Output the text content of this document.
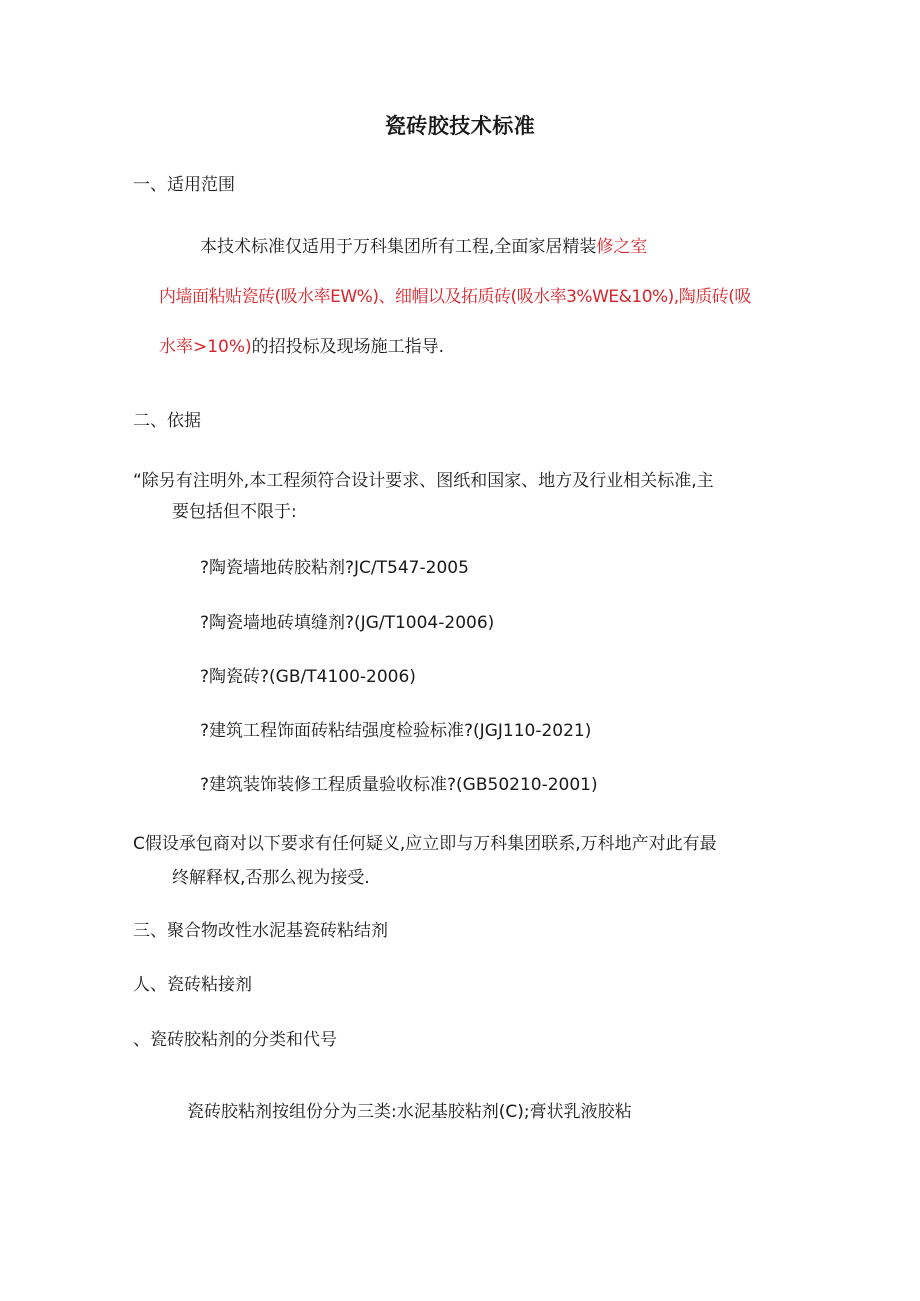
瓷砖胶技术标准
一、适用范围
本技术标准仅适用于万科集团所有工程,全面家居精装修之室
内墙面粘贴瓷砖(吸水率EW%)、细帽以及拓质砖(吸水率3%WE&10%),陶质砖(吸
水率>10%)的招投标及现场施工指导.
二、依据
“除另有注明外,本工程须符合设计要求、图纸和国家、地方及行业相关标准,主
要包括但不限于:
?陶瓷墙地砖胶粘剂?JC/T547-2005
?陶瓷墙地砖填缝剂?(JG/T1004-2006)
?陶瓷砖?(GB/T4100-2006)
?建筑工程饰面砖粘结强度检验标准?(JGJ110-2021)
?建筑装饰装修工程质量验收标准?(GB50210-2001)
C假设承包商对以下要求有任何疑义,应立即与万科集团联系,万科地产对此有最
终解释权,否那么视为接受.
三、聚合物改性水泥基瓷砖粘结剂
人、瓷砖粘接剂
、瓷砖胶粘剂的分类和代号
瓷砖胶粘剂按组份分为三类:水泥基胶粘剂(C);膏状乳液胶粘
